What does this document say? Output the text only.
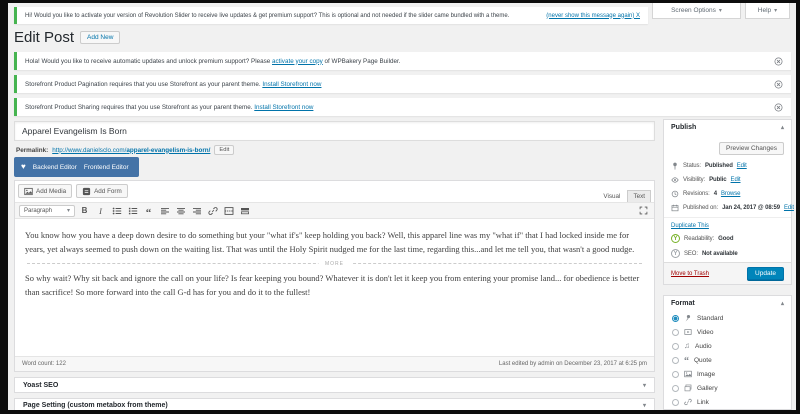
Screen Options ▾	Help ▾
Hi! Would you like to activate your version of Revolution Slider to receive live updates & get premium support? This is optional and not needed if the slider came bundled with a theme.	(never show this message again) X
Edit Post	Add New
Hola! Would you like to receive automatic updates and unlock premium support? Please activate your copy of WPBakery Page Builder.
Storefront Product Pagination requires that you use Storefront as your parent theme. Install Storefront now
Storefront Product Sharing requires that you use Storefront as your parent theme. Install Storefront now
Apparel Evangelism Is Born
Permalink: http://www.danielsclo.com/apparel-evangelism-is-born/	Edit
♥ Backend Editor Frontend Editor
Add Media	Add Form
Visual	Text
Paragraph ▾	B	I	“

You know how you have a deep down desire to do something but your "what if's" keep holding you back? Well, this apparel line was my "what if" that I had locked inside me for years, yet always seemed to push down on the waiting list. That was until the Holy Spirit nudged me for the last time, regarding this...and let me tell you, that wasn't a good nudge.

MORE

So why wait? Why sit back and ignore the call on your life? Is fear keeping you bound? Whatever it is don't let it keep you from entering your promise land... for obedience is better than sacrifice! So more forward into the call G-d has for you and do it to the fullest!

Word count: 122	Last edited by admin on December 23, 2017 at 6:25 pm
Yoast SEO	▾
Page Setting (custom metabox from theme)	▾
Publish	▴
Preview Changes
Status: Published Edit
Visibility: Public Edit
Revisions: 4 Browse
Published on: Jan 24, 2017 @ 08:59 Edit
Duplicate This
Y	Readability: Good
Y	SEO: Not available
Move to Trash	Update
Format	▴
Standard
Video
♫ Audio
“ Quote
Image
Gallery
Link
